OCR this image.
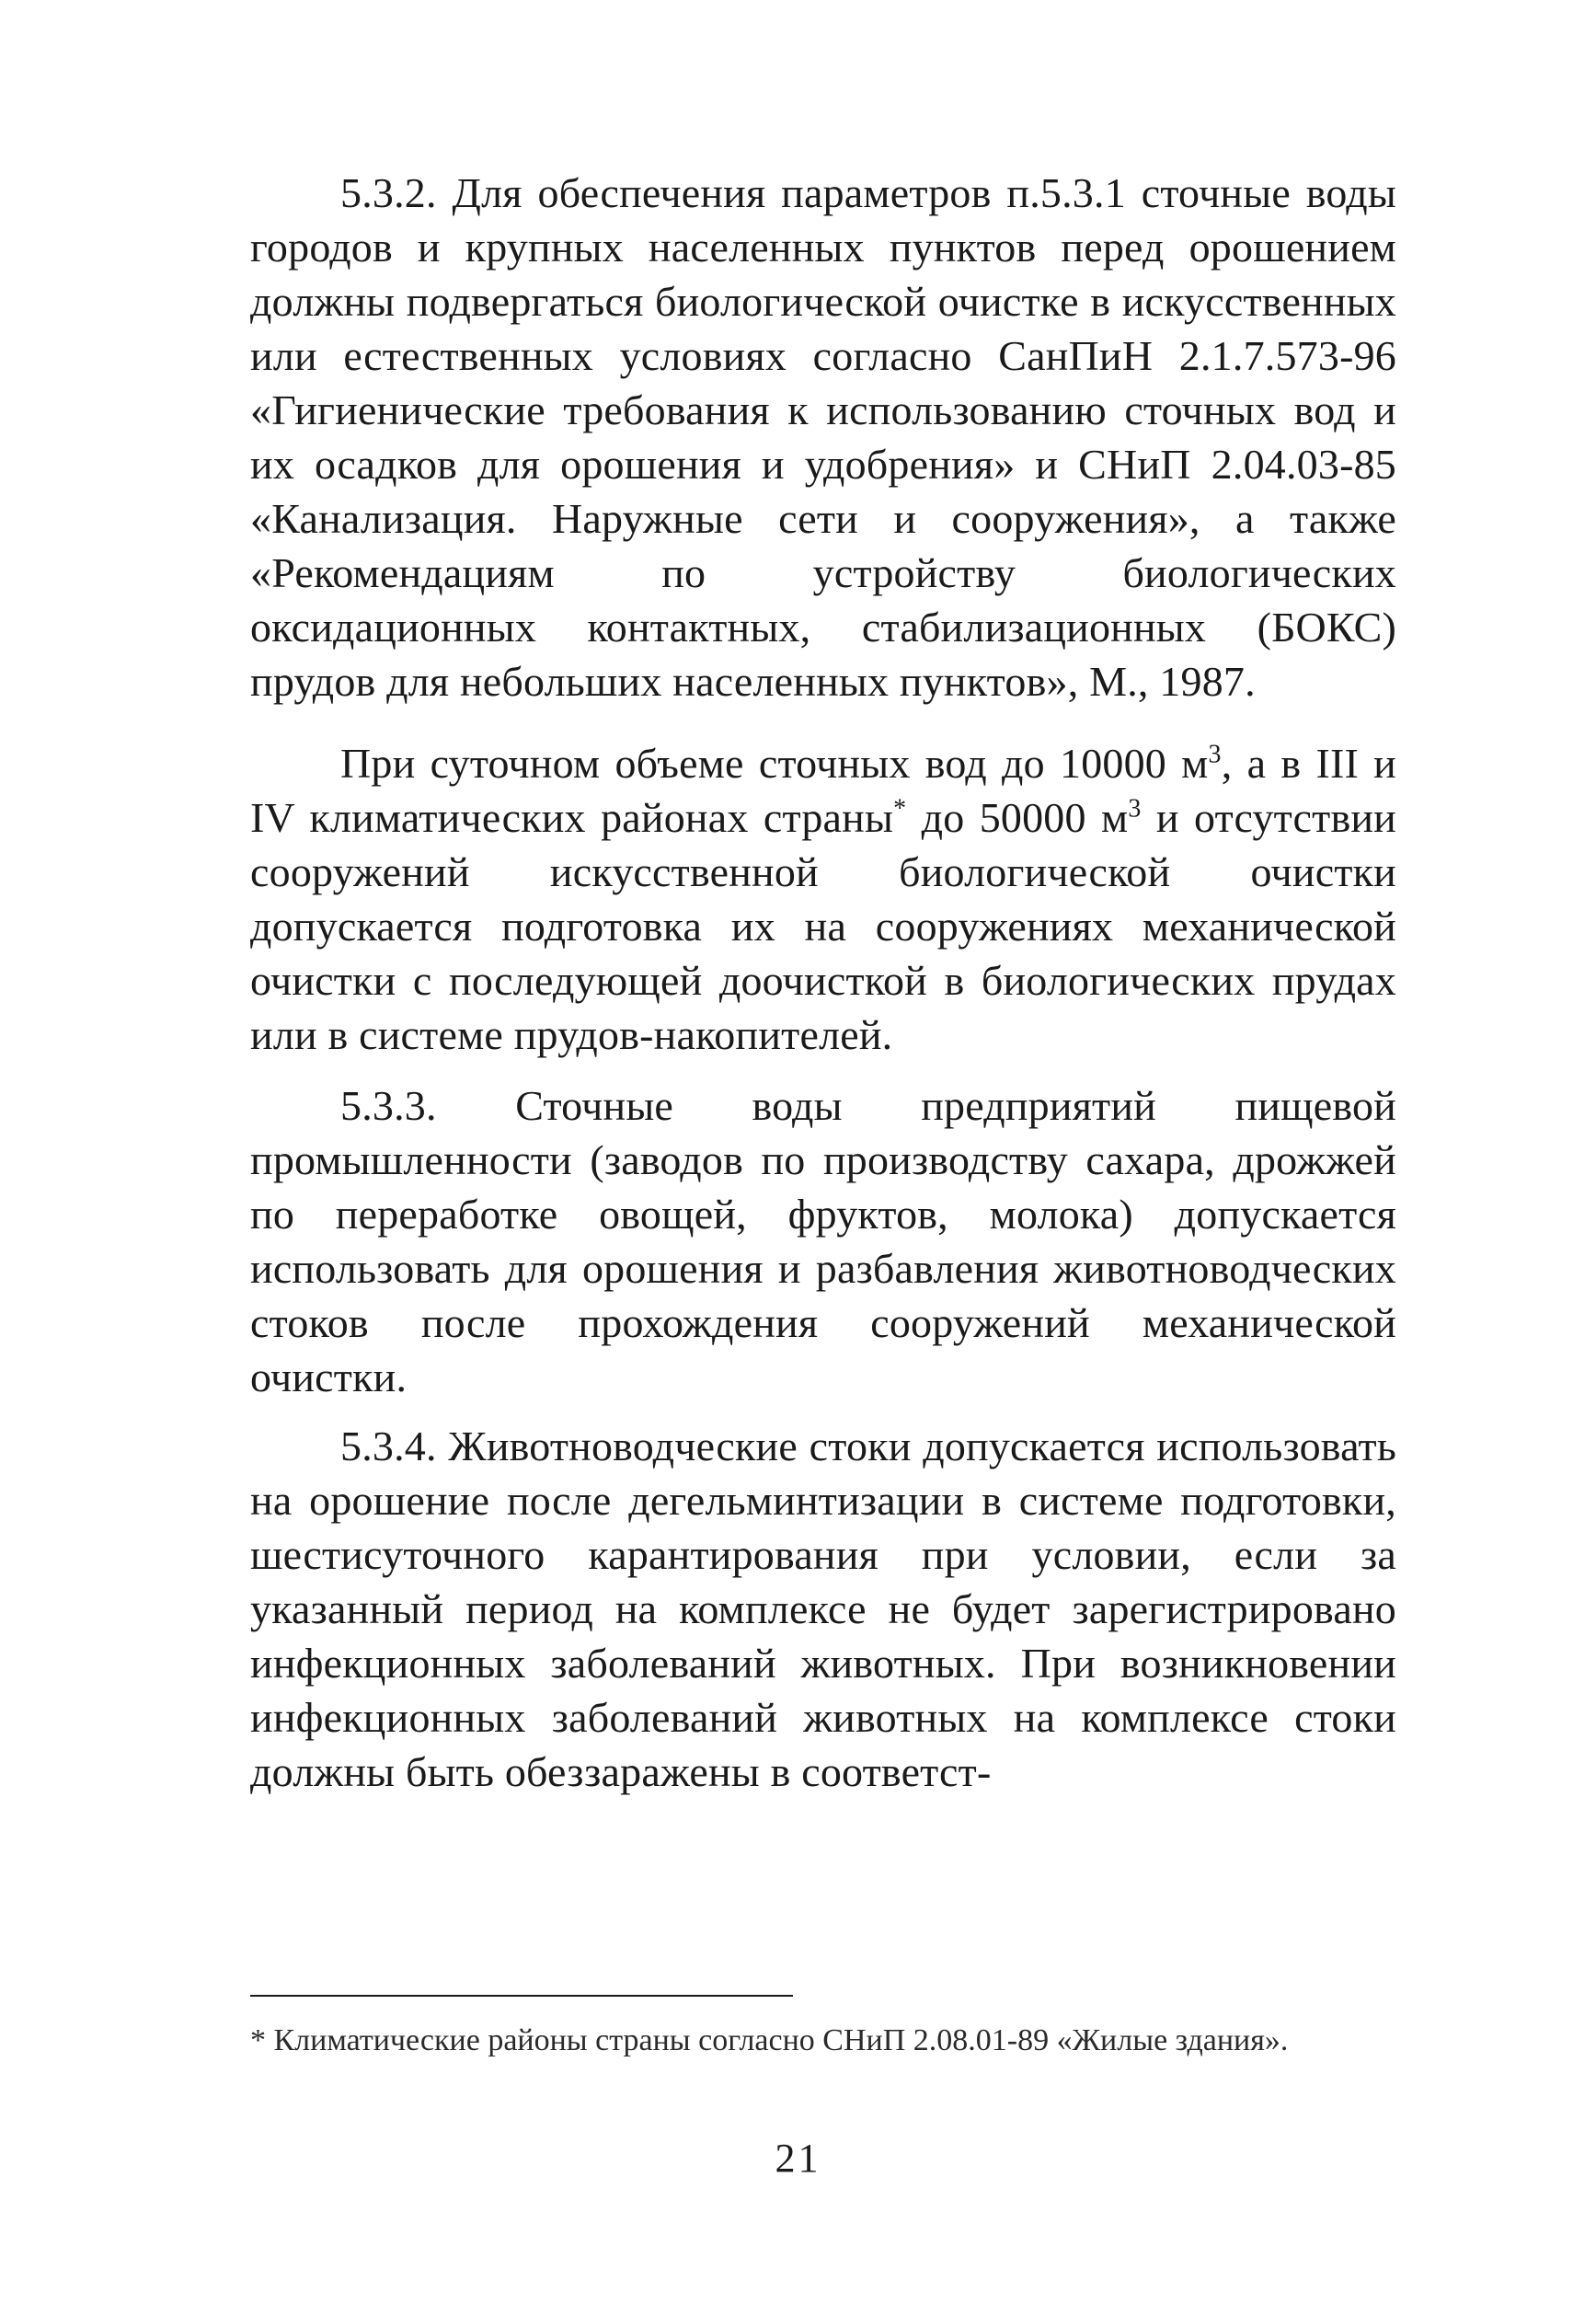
5.3.2. Для обеспечения параметров п.5.3.1 сточные воды городов и крупных населенных пунктов перед орошением должны подвергаться биологической очистке в искусственных или естественных условиях согласно СанПиН 2.1.7.573-96 «Гигиенические требования к использованию сточных вод и их осадков для орошения и удобрения» и СНиП 2.04.03-85 «Канализация. Наружные сети и сооружения», а также «Рекомендациям по устройству биологических оксидационных контактных, стабилизационных (БОКС) прудов для небольших населенных пунктов», М., 1987.

При суточном объеме сточных вод до 10000 $м^3$, а в III и IV климатических районах страны* до 50000 $м^3$ и отсутствии сооружений искусственной биологической очистки допускается подготовка их на сооружениях механической очистки с последующей доочисткой в биологических прудах или в системе прудов-накопителей.

5.3.3. Сточные воды предприятий пищевой промышленности (заводов по производству сахара, дрожжей по переработке овощей, фруктов, молока) допускается использовать для орошения и разбавления животноводческих стоков после прохождения сооружений механической очистки.

5.3.4. Животноводческие стоки допускается использовать на орошение после дегельминтизации в системе подготовки, шестисуточного карантирования при условии, если за указанный период на комплексе не будет зарегистрировано инфекционных заболеваний животных. При возникновении инфекционных заболеваний животных на комплексе стоки должны быть обеззаражены в соответст-

* Климатические районы страны согласно СНиП 2.08.01-89 «Жилые здания».

21
